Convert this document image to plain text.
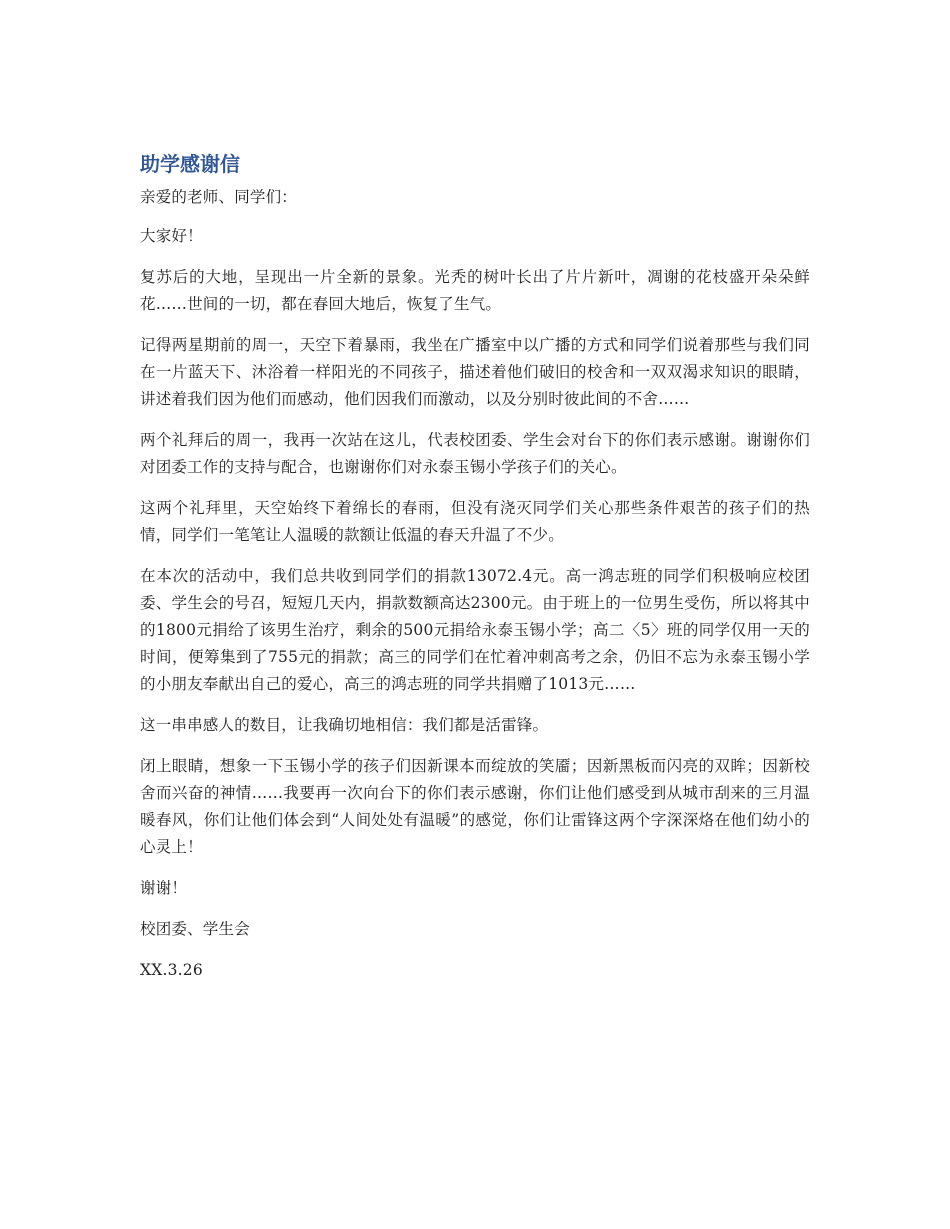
助学感谢信

亲爱的老师、同学们：

大家好！

复苏后的大地，呈现出一片全新的景象。光秃的树叶长出了片片新叶，凋谢的花枝盛开朵朵鲜花……世间的一切，都在春回大地后，恢复了生气。

记得两星期前的周一，天空下着暴雨，我坐在广播室中以广播的方式和同学们说着那些与我们同在一片蓝天下、沐浴着一样阳光的不同孩子，描述着他们破旧的校舍和一双双渴求知识的眼睛，讲述着我们因为他们而感动，他们因我们而激动，以及分别时彼此间的不舍……

两个礼拜后的周一，我再一次站在这儿，代表校团委、学生会对台下的你们表示感谢。谢谢你们对团委工作的支持与配合，也谢谢你们对永泰玉锡小学孩子们的关心。

这两个礼拜里，天空始终下着绵长的春雨，但没有浇灭同学们关心那些条件艰苦的孩子们的热情，同学们一笔笔让人温暖的款额让低温的春天升温了不少。

在本次的活动中，我们总共收到同学们的捐款13072.4元。高一鸿志班的同学们积极响应校团委、学生会的号召，短短几天内，捐款数额高达2300元。由于班上的一位男生受伤，所以将其中的1800元捐给了该男生治疗，剩余的500元捐给永泰玉锡小学；高二〈5〉班的同学仅用一天的时间，便筹集到了755元的捐款；高三的同学们在忙着冲刺高考之余，仍旧不忘为永泰玉锡小学的小朋友奉献出自己的爱心，高三的鸿志班的同学共捐赠了1013元……

这一串串感人的数目，让我确切地相信：我们都是活雷锋。

闭上眼睛，想象一下玉锡小学的孩子们因新课本而绽放的笑靥；因新黑板而闪亮的双眸；因新校舍而兴奋的神情……我要再一次向台下的你们表示感谢，你们让他们感受到从城市刮来的三月温暖春风，你们让他们体会到“人间处处有温暖”的感觉，你们让雷锋这两个字深深烙在他们幼小的心灵上！

谢谢！

校团委、学生会

XX.3.26
